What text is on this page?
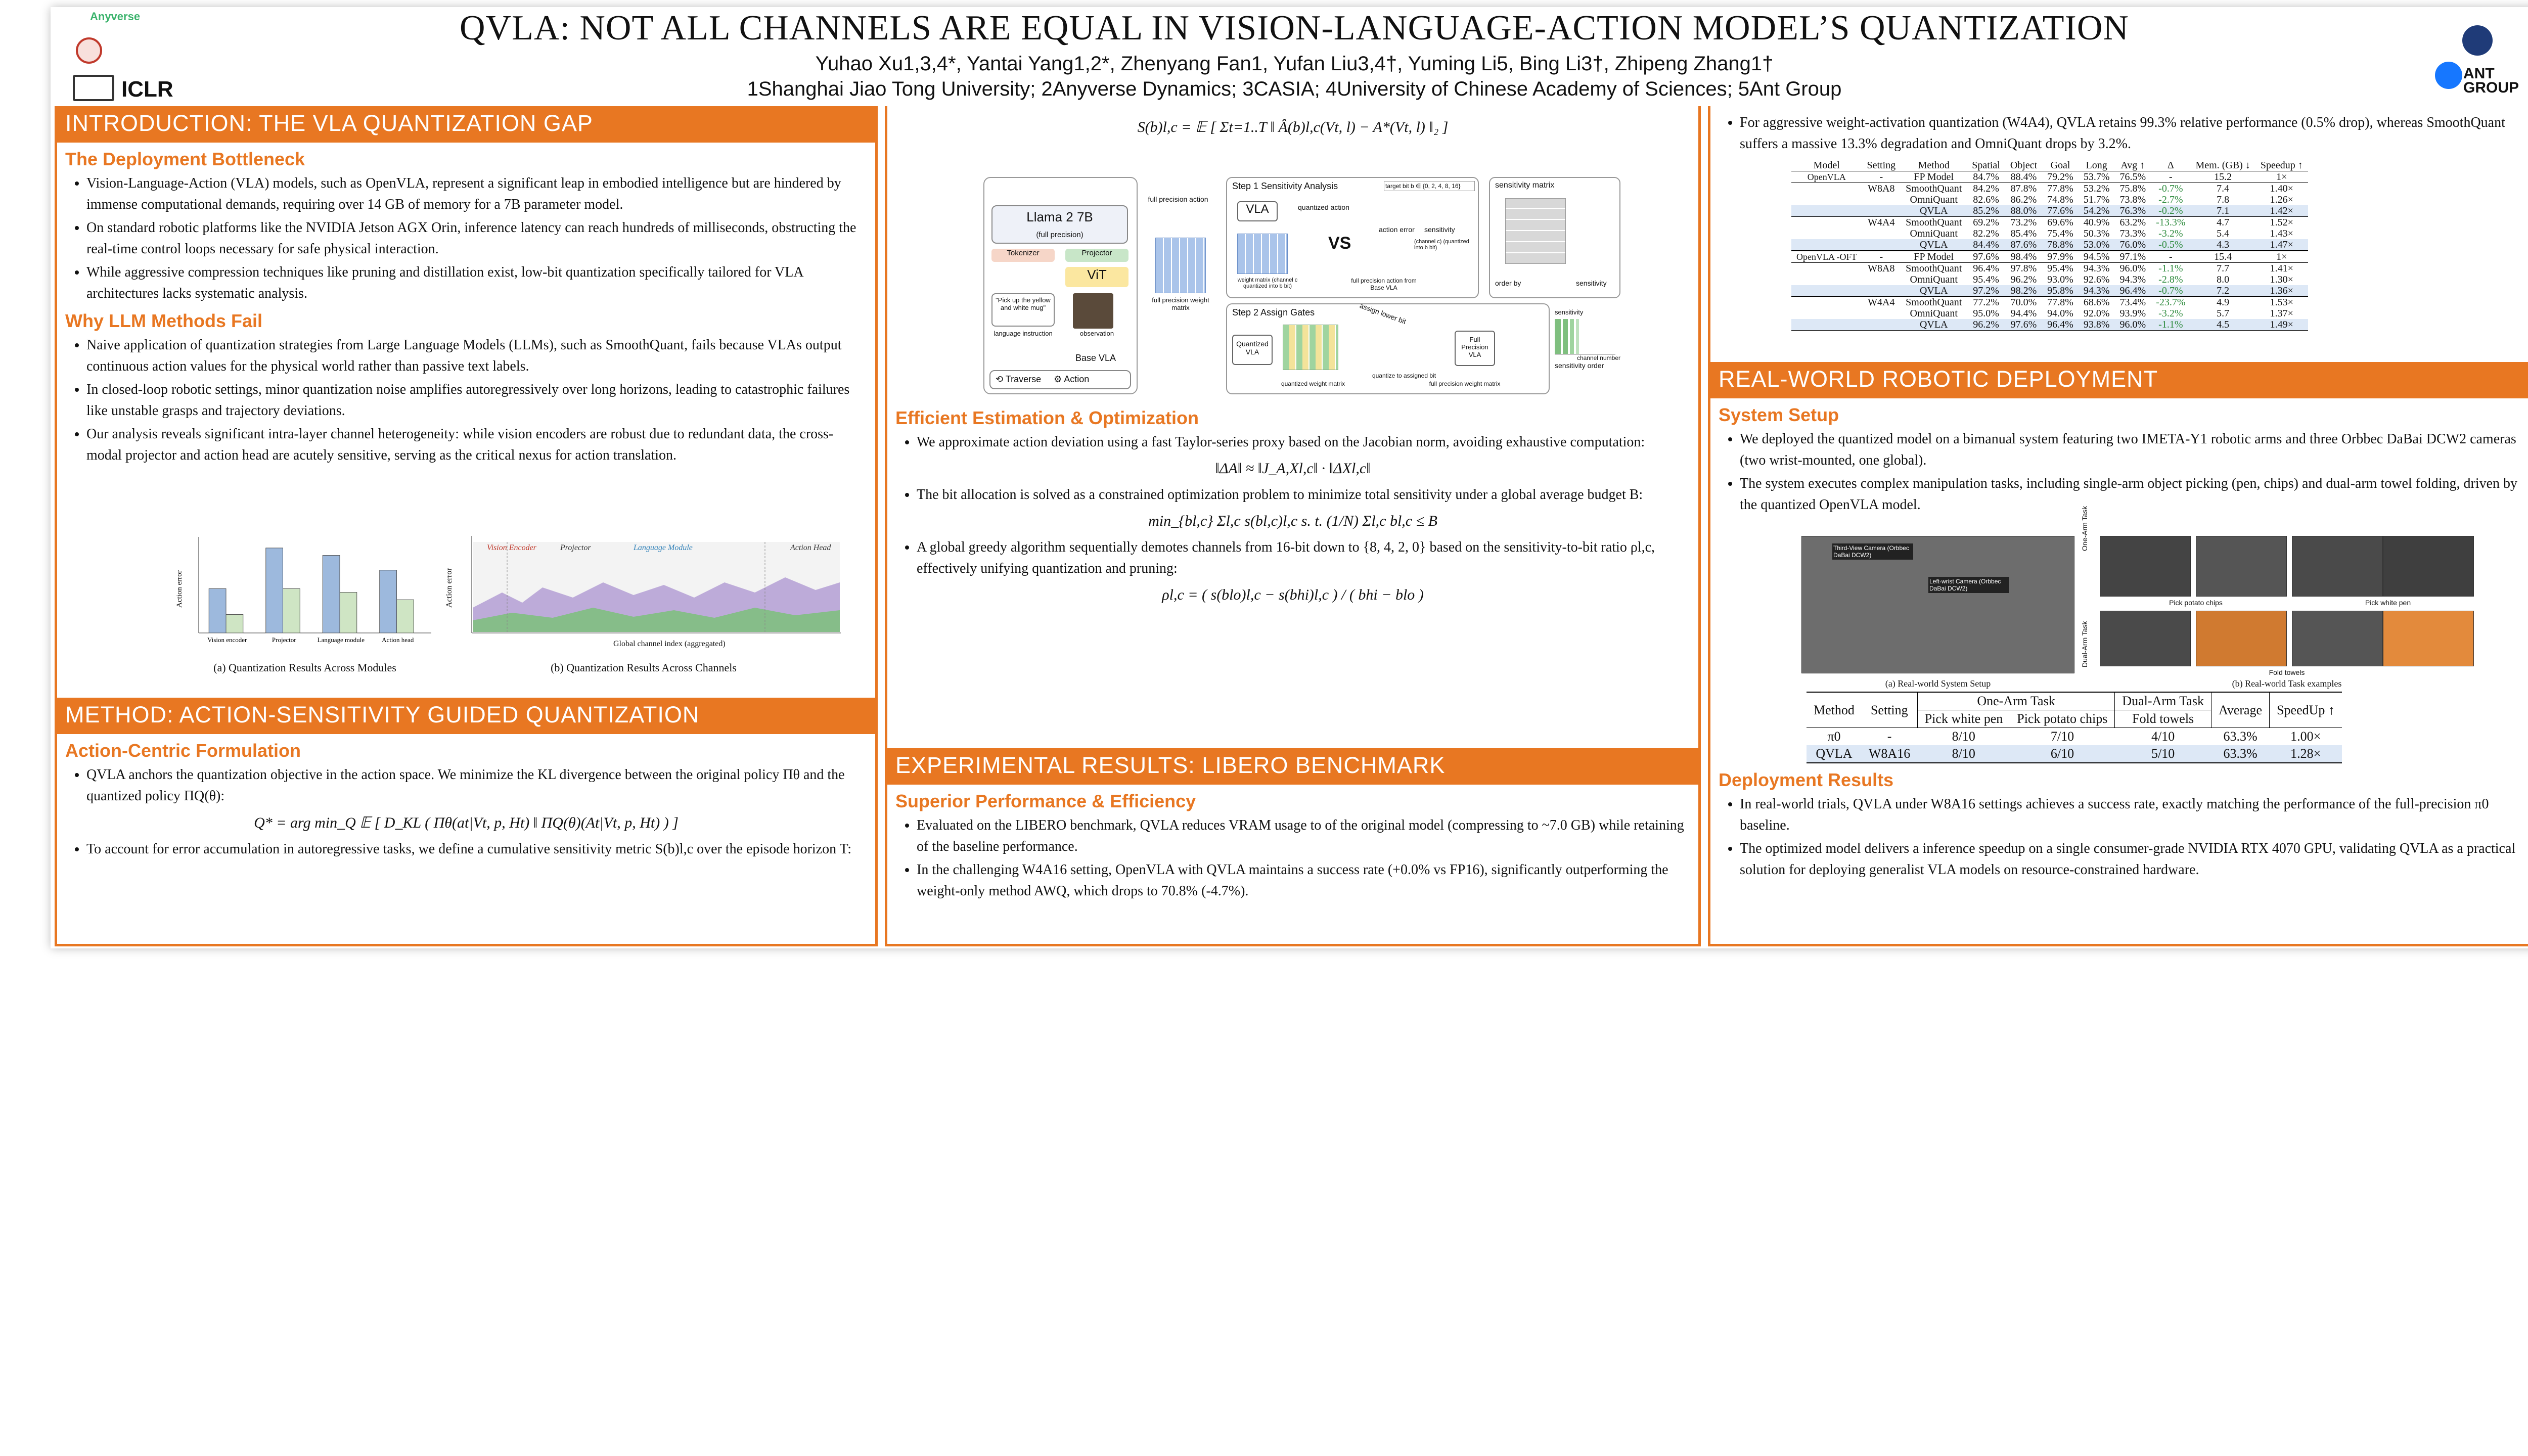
Anyverse
ICLR
QVLA: NOT ALL CHANNELS ARE EQUAL IN VISION-LANGUAGE-ACTION MODEL’S QUANTIZATION
Yuhao Xu1,3,4*, Yantai Yang1,2*, Zhenyang Fan1, Yufan Liu3,4†, Yuming Li5, Bing Li3†, Zhipeng Zhang1†
1Shanghai Jiao Tong University; 2Anyverse Dynamics; 3CASIA; 4University of Chinese Academy of Sciences; 5Ant Group
ANT GROUP
INTRODUCTION: THE VLA QUANTIZATION GAP
The Deployment Bottleneck
• Vision-Language-Action (VLA) models, such as OpenVLA, represent a significant leap in embodied intelligence but are hindered by immense computational demands, requiring over 14 GB of memory for a 7B parameter model.
• On standard robotic platforms like the NVIDIA Jetson AGX Orin, inference latency can reach hundreds of milliseconds, obstructing the real-time control loops necessary for safe physical interaction.
• While aggressive compression techniques like pruning and distillation exist, low-bit quantization specifically tailored for VLA architectures lacks systematic analysis.
Why LLM Methods Fail
• Naive application of quantization strategies from Large Language Models (LLMs), such as SmoothQuant, fails because VLAs output continuous action values for the physical world rather than passive text labels.
• In closed-loop robotic settings, minor quantization noise amplifies autoregressively over long horizons, leading to catastrophic failures like unstable grasps and trajectory deviations.
• Our analysis reveals significant intra-layer channel heterogeneity: while vision encoders are robust due to redundant data, the cross-modal projector and action head are acutely sensitive, serving as the critical nexus for action translation.
Vision encoder	Projector	Language module	Action head
Action error
(a) Quantization Results Across Modules
Vision Encoder	Projector	Language Module	Action Head
Global channel index (aggregated)
Action error
(b) Quantization Results Across Channels
METHOD: ACTION-SENSITIVITY GUIDED QUANTIZATION
Action-Centric Formulation
• QVLA anchors the quantization objective in the action space. We minimize the KL divergence between the original policy Πθ and the quantized policy ΠQ(θ):
Q* = arg min_Q 𝔼 [ D_KL ( Πθ(at|Vt, p, Ht) ‖ ΠQ(θ)(At|Vt, p, Ht) ) ]
• To account for error accumulation in autoregressive tasks, we define a cumulative sensitivity metric S(b)l,c over the episode horizon T:
S(b)l,c = 𝔼 [ Σt=1..T ‖ Â(b)l,c(Vt, l) − A*(Vt, l) ‖₂ ]
Llama 2 7B
(full precision)
Tokenizer	Projector
ViT
"Pick up the yellow and white mug"
language instruction	observation
Base VLA
⟲ Traverse     ⚙ Action
full precision action
full precision weight matrix
Step 1 Sensitivity Analysis	target bit b ∈ {0, 2, 4, 8, 16}
VLA
weight matrix (channel c quantized into b bit)
quantized action
VS
action error sensitivity
(channel c) (quantized into b bit)
full precision action from Base VLA
sensitivity matrix
order by	sensitivity
Step 2 Assign Gates	assign lower bit
Quantized VLA
quantized weight matrix
quantize to assigned bit
Full Precision VLA
full precision weight matrix
sensitivity
channel number
sensitivity order
Efficient Estimation & Optimization
• We approximate action deviation using a fast Taylor-series proxy based on the Jacobian norm, avoiding exhaustive computation:
‖ΔA‖ ≈ ‖J_A,Xl,c‖ · ‖ΔXl,c‖
• The bit allocation is solved as a constrained optimization problem to minimize total sensitivity under a global average budget B:
min_{bl,c} Σl,c s(bl,c)l,c s. t. (1/N) Σl,c bl,c ≤ B
• A global greedy algorithm sequentially demotes channels from 16-bit down to {8, 4, 2, 0} based on the sensitivity-to-bit ratio ρl,c, effectively unifying quantization and pruning:
ρl,c = ( s(blo)l,c − s(bhi)l,c ) / ( bhi − blo )
EXPERIMENTAL RESULTS: LIBERO BENCHMARK
Superior Performance & Efficiency
• Evaluated on the LIBERO benchmark, QVLA reduces VRAM usage to of the original model (compressing to ~7.0 GB) while retaining of the baseline performance.
• In the challenging W4A16 setting, OpenVLA with QVLA maintains a success rate (+0.0% vs FP16), significantly outperforming the weight-only method AWQ, which drops to 70.8% (-4.7%).
• For aggressive weight-activation quantization (W4A4), QVLA retains 99.3% relative performance (0.5% drop), whereas SmoothQuant suffers a massive 13.3% degradation and OmniQuant drops by 3.2%.
Model	Setting	Method	Spatial	Object	Goal	Long	Avg ↑	Δ	Mem. (GB) ↓	Speedup ↑
OpenVLA	-	FP Model	84.7%	88.4%	79.2%	53.7%	76.5%	-	15.2	1×
	W8A8	SmoothQuant	84.2%	87.8%	77.8%	53.2%	75.8%	-0.7%	7.4	1.40×
		OmniQuant	82.6%	86.2%	74.8%	51.7%	73.8%	-2.7%	7.8	1.26×
		QVLA	85.2%	88.0%	77.6%	54.2%	76.3%	-0.2%	7.1	1.42×
	W4A4	SmoothQuant	69.2%	73.2%	69.6%	40.9%	63.2%	-13.3%	4.7	1.52×
		OmniQuant	82.2%	85.4%	75.4%	50.3%	73.3%	-3.2%	5.4	1.43×
		QVLA	84.4%	87.6%	78.8%	53.0%	76.0%	-0.5%	4.3	1.47×
OpenVLA -OFT	-	FP Model	97.6%	98.4%	97.9%	94.5%	97.1%	-	15.4	1×
	W8A8	SmoothQuant	96.4%	97.8%	95.4%	94.3%	96.0%	-1.1%	7.7	1.41×
		OmniQuant	95.4%	96.2%	93.0%	92.6%	94.3%	-2.8%	8.0	1.30×
		QVLA	97.2%	98.2%	95.8%	94.3%	96.4%	-0.7%	7.2	1.36×
	W4A4	SmoothQuant	77.2%	70.0%	77.8%	68.6%	73.4%	-23.7%	4.9	1.53×
		OmniQuant	95.0%	94.4%	94.0%	92.0%	93.9%	-3.2%	5.7	1.37×
		QVLA	96.2%	97.6%	96.4%	93.8%	96.0%	-1.1%	4.5	1.49×
REAL-WORLD ROBOTIC DEPLOYMENT
System Setup
• We deployed the quantized model on a bimanual system featuring two IMETA-Y1 robotic arms and three Orbbec DaBai DCW2 cameras (two wrist-mounted, one global).
• The system executes complex manipulation tasks, including single-arm object picking (pen, chips) and dual-arm towel folding, driven by the quantized OpenVLA model.
Third-View Camera (Orbbec DaBai DCW2)
Left-wrist Camera (Orbbec DaBai DCW2)
One-Arm Task
Dual-Arm Task
Pick potato chips	Pick white pen
Fold towels
(a) Real-world System Setup	(b) Real-world Task examples
Method	Setting	One-Arm Task		Dual-Arm Task	Average	SpeedUp ↑
		Pick white pen	Pick potato chips	Fold towels		
π0	-	8/10	7/10	4/10	63.3%	1.00×
QVLA	W8A16	8/10	6/10	5/10	63.3%	1.28×
Deployment Results
• In real-world trials, QVLA under W8A16 settings achieves a success rate, exactly matching the performance of the full-precision π0 baseline.
• The optimized model delivers a inference speedup on a single consumer-grade NVIDIA RTX 4070 GPU, validating QVLA as a practical solution for deploying generalist VLA models on resource-constrained hardware.
